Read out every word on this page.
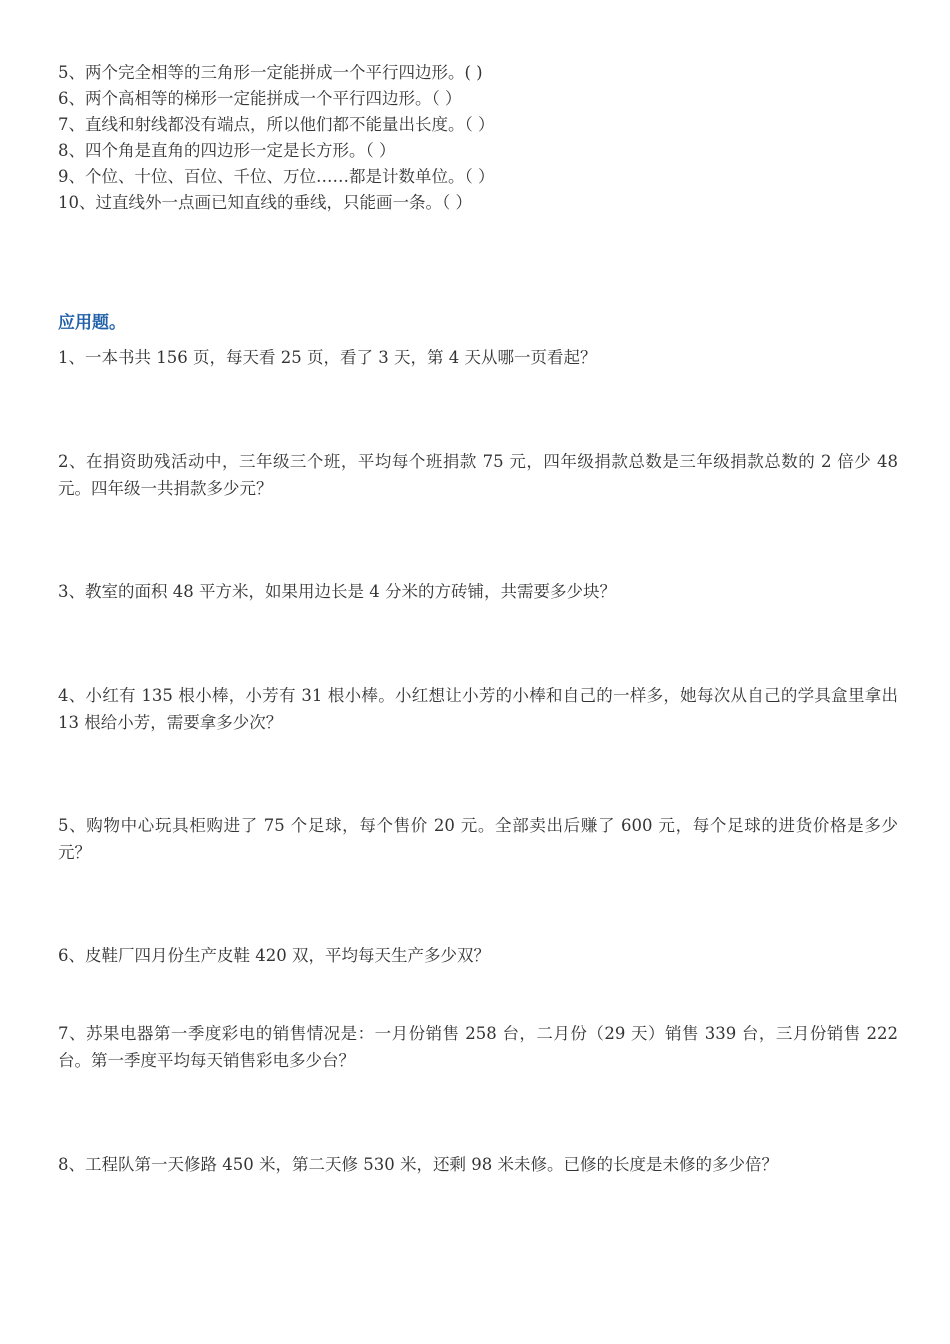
5、两个完全相等的三角形一定能拼成一个平行四边形。( )
6、两个高相等的梯形一定能拼成一个平行四边形。（ ）
7、直线和射线都没有端点，所以他们都不能量出长度。（ ）
8、四个角是直角的四边形一定是长方形。（ ）
9、个位、十位、百位、千位、万位……都是计数单位。（ ）
10、过直线外一点画已知直线的垂线，只能画一条。（ ）
应用题。
1、一本书共 156 页，每天看 25 页，看了 3 天，第 4 天从哪一页看起？
2、在捐资助残活动中，三年级三个班，平均每个班捐款 75 元，四年级捐款总数是三年级捐款总数的 2 倍少 48 元。四年级一共捐款多少元？
3、教室的面积 48 平方米，如果用边长是 4 分米的方砖铺，共需要多少块？
4、小红有 135 根小棒，小芳有 31 根小棒。小红想让小芳的小棒和自己的一样多，她每次从自己的学具盒里拿出 13 根给小芳，需要拿多少次？
5、购物中心玩具柜购进了 75 个足球，每个售价 20 元。全部卖出后赚了 600 元，每个足球的进货价格是多少元？
6、皮鞋厂四月份生产皮鞋 420 双，平均每天生产多少双？
7、苏果电器第一季度彩电的销售情况是：一月份销售 258 台，二月份（29 天）销售 339 台，三月份销售 222 台。第一季度平均每天销售彩电多少台？
8、工程队第一天修路 450 米，第二天修 530 米，还剩 98 米未修。已修的长度是未修的多少倍？
